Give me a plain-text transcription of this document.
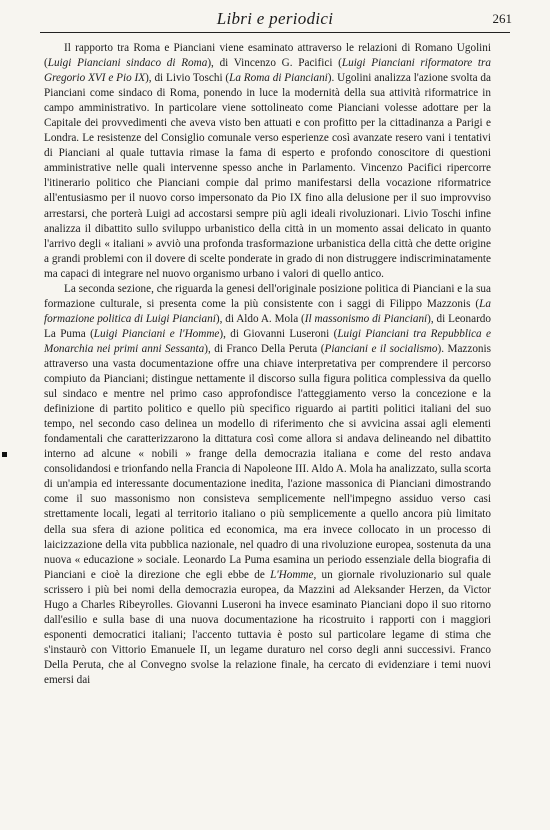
Libri e periodici	261

Il rapporto tra Roma e Pianciani viene esaminato attraverso le relazioni di Romano Ugolini (Luigi Pianciani sindaco di Roma), di Vincenzo G. Pacifici (Luigi Pianciani riformatore tra Gregorio XVI e Pio IX), di Livio Toschi (La Roma di Pianciani). Ugolini analizza l'azione svolta da Pianciani come sindaco di Roma, ponendo in luce la modernità della sua attività riformatrice in campo amministrativo. In particolare viene sottolineato come Pianciani volesse adottare per la Capitale dei provvedimenti che aveva visto ben attuati e con profitto per la cittadinanza a Parigi e Londra. Le resistenze del Consiglio comunale verso esperienze così avanzate resero vani i tentativi di Pianciani al quale tuttavia rimase la fama di esperto e profondo conoscitore di questioni amministrative nelle quali intervenne spesso anche in Parlamento. Vincenzo Pacifici ripercorre l'itinerario politico che Pianciani compie dal primo manifestarsi della vocazione riformatrice all'entusiasmo per il nuovo corso impersonato da Pio IX fino alla delusione per il suo improvviso arrestarsi, che porterà Luigi ad accostarsi sempre più agli ideali rivoluzionari. Livio Toschi infine analizza il dibattito sullo sviluppo urbanistico della città in un momento assai delicato in quanto l'arrivo degli « italiani » avviò una profonda trasformazione urbanistica della città che dette origine a grandi problemi con il dovere di scelte ponderate in grado di non distruggere indiscriminatamente ma capaci di integrare nel nuovo organismo urbano i valori di quello antico.

La seconda sezione, che riguarda la genesi dell'originale posizione politica di Pianciani e la sua formazione culturale, si presenta come la più consistente con i saggi di Filippo Mazzonis (La formazione politica di Luigi Pianciani), di Aldo A. Mola (Il massonismo di Pianciani), di Leonardo La Puma (Luigi Pianciani e l'Homme), di Giovanni Luseroni (Luigi Pianciani tra Repubblica e Monarchia nei primi anni Sessanta), di Franco Della Peruta (Pianciani e il socialismo). Mazzonis attraverso una vasta documentazione offre una chiave interpretativa per comprendere il percorso compiuto da Pianciani; distingue nettamente il discorso sulla figura politica complessiva da quello sul sindaco e mentre nel primo caso approfondisce l'atteggiamento verso la concezione e la definizione di partito politico e quello più specifico riguardo ai partiti politici italiani del suo tempo, nel secondo caso delinea un modello di riferimento che si avvicina assai agli elementi fondamentali che caratterizzarono la dittatura così come allora si andava delineando nel dibattito interno ad alcune « nobili » frange della democrazia italiana e come del resto andava consolidandosi e trionfando nella Francia di Napoleone III. Aldo A. Mola ha analizzato, sulla scorta di un'ampia ed interessante documentazione inedita, l'azione massonica di Pianciani dimostrando come il suo massonismo non consisteva semplicemente nell'impegno assiduo verso casi strettamente locali, legati al territorio italiano o più semplicemente a quello ancora più limitato della sua sfera di azione politica ed economica, ma era invece collocato in un processo di laicizzazione della vita pubblica nazionale, nel quadro di una rivoluzione europea, sostenuta da una nuova « educazione » sociale. Leonardo La Puma esamina un periodo essenziale della biografia di Pianciani e cioè la direzione che egli ebbe de L'Homme, un giornale rivoluzionario sul quale scrissero i più bei nomi della democrazia europea, da Mazzini ad Aleksander Herzen, da Victor Hugo a Charles Ribeyrolles. Giovanni Luseroni ha invece esaminato Pianciani dopo il suo ritorno dall'esilio e sulla base di una nuova documentazione ha ricostruito i rapporti con i maggiori esponenti democratici italiani; l'accento tuttavia è posto sul particolare legame di stima che s'instaurò con Vittorio Emanuele II, un legame duraturo nel corso degli anni successivi. Franco Della Peruta, che al Convegno svolse la relazione finale, ha cercato di evidenziare i temi nuovi emersi dai
